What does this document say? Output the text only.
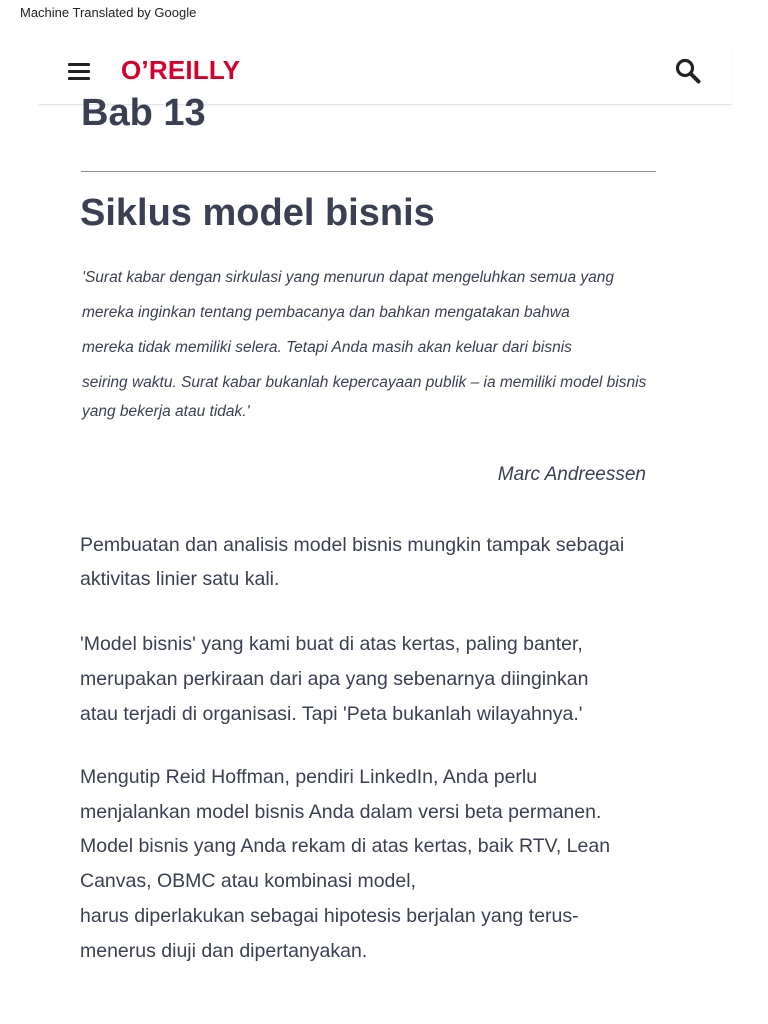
Machine Translated by Google
O’REILLY
Bab 13
Siklus model bisnis
'Surat kabar dengan sirkulasi yang menurun dapat mengeluhkan semua yang
mereka inginkan tentang pembacanya dan bahkan mengatakan bahwa
mereka tidak memiliki selera. Tetapi Anda masih akan keluar dari bisnis
seiring waktu. Surat kabar bukanlah kepercayaan publik – ia memiliki model bisnis
yang bekerja atau tidak.'
Marc Andreessen
Pembuatan dan analisis model bisnis mungkin tampak sebagai
aktivitas linier satu kali.
'Model bisnis' yang kami buat di atas kertas, paling banter,
merupakan perkiraan dari apa yang sebenarnya diinginkan
atau terjadi di organisasi. Tapi 'Peta bukanlah wilayahnya.'
Mengutip Reid Hoffman, pendiri LinkedIn, Anda perlu
menjalankan model bisnis Anda dalam versi beta permanen.
Model bisnis yang Anda rekam di atas kertas, baik RTV, Lean
Canvas, OBMC atau kombinasi model,
harus diperlakukan sebagai hipotesis berjalan yang terus-
menerus diuji dan dipertanyakan.
